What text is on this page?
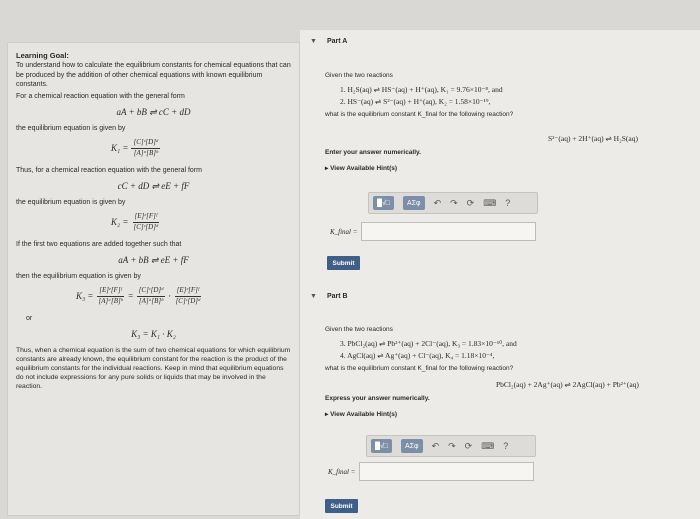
Learning Goal:
To understand how to calculate the equilibrium constants for chemical equations that can be produced by the addition of other chemical equations with known equilibrium constants.
For a chemical reaction equation with the general form
aA + bB ⇌ cC + dD
the equilibrium equation is given by
$K_1 = \frac{\text{[C]ᶜ[D]ᵈ}}{\text{[A]ᵃ[B]ᵇ}}$
Thus, for a chemical reaction equation with the general form
cC + dD ⇌ eE + fF
the equilibrium equation is given by
$K_2 = \frac{\text{[E]ᵉ[F]ᶠ}}{\text{[C]ᶜ[D]ᵈ}}$
If the first two equations are added together such that
aA + bB ⇌ eE + fF
then the equilibrium equation is given by
$K_3 = \frac{\text{[E]ᵉ[F]ᶠ}}{\text{[A]ᵃ[B]ᵇ}} = \frac{\text{[C]ᶜ[D]ᵈ}}{\text{[A]ᵃ[B]ᵇ}} \cdot \frac{\text{[E]ᵉ[F]ᶠ}}{\text{[C]ᶜ[D]ᵈ}}$
or
K₃ = K₁ · K₂
Thus, when a chemical equation is the sum of two chemical equations for which equilibrium constants are already known, the equilibrium constant for the reaction is the product of the equilibrium constants for the individual reactions. Keep in mind that equilibrium equations do not include expressions for any pure solids or liquids that may be involved in the reaction.
▼ Part A
Given the two reactions
1. H₂S(aq) ⇌ HS⁻(aq) + H⁺(aq), K₁ = 9.76×10⁻⁸, and
2. HS⁻(aq) ⇌ S²⁻(aq) + H⁺(aq), K₂ = 1.58×10⁻¹⁹,
what is the equilibrium constant K_final for the following reaction?
S²⁻(aq) + 2H⁺(aq) ⇌ H₂S(aq)
Enter your answer numerically.
▸ View Available Hint(s)
█√□	ΑΣφ	↶ ↷ ⟳ ⌨ ?
K_final =
Submit
▼ Part B
Given the two reactions
3. PbCl₂(aq) ⇌ Pb²⁺(aq) + 2Cl⁻(aq), K₃ = 1.83×10⁻¹⁰, and
4. AgCl(aq) ⇌ Ag⁺(aq) + Cl⁻(aq), K₄ = 1.18×10⁻⁴,
what is the equilibrium constant K_final for the following reaction?
PbCl₂(aq) + 2Ag⁺(aq) ⇌ 2AgCl(aq) + Pb²⁺(aq)
Express your answer numerically.
▸ View Available Hint(s)
█√□	ΑΣφ	↶ ↷ ⟳ ⌨ ?
K_final =
Submit
